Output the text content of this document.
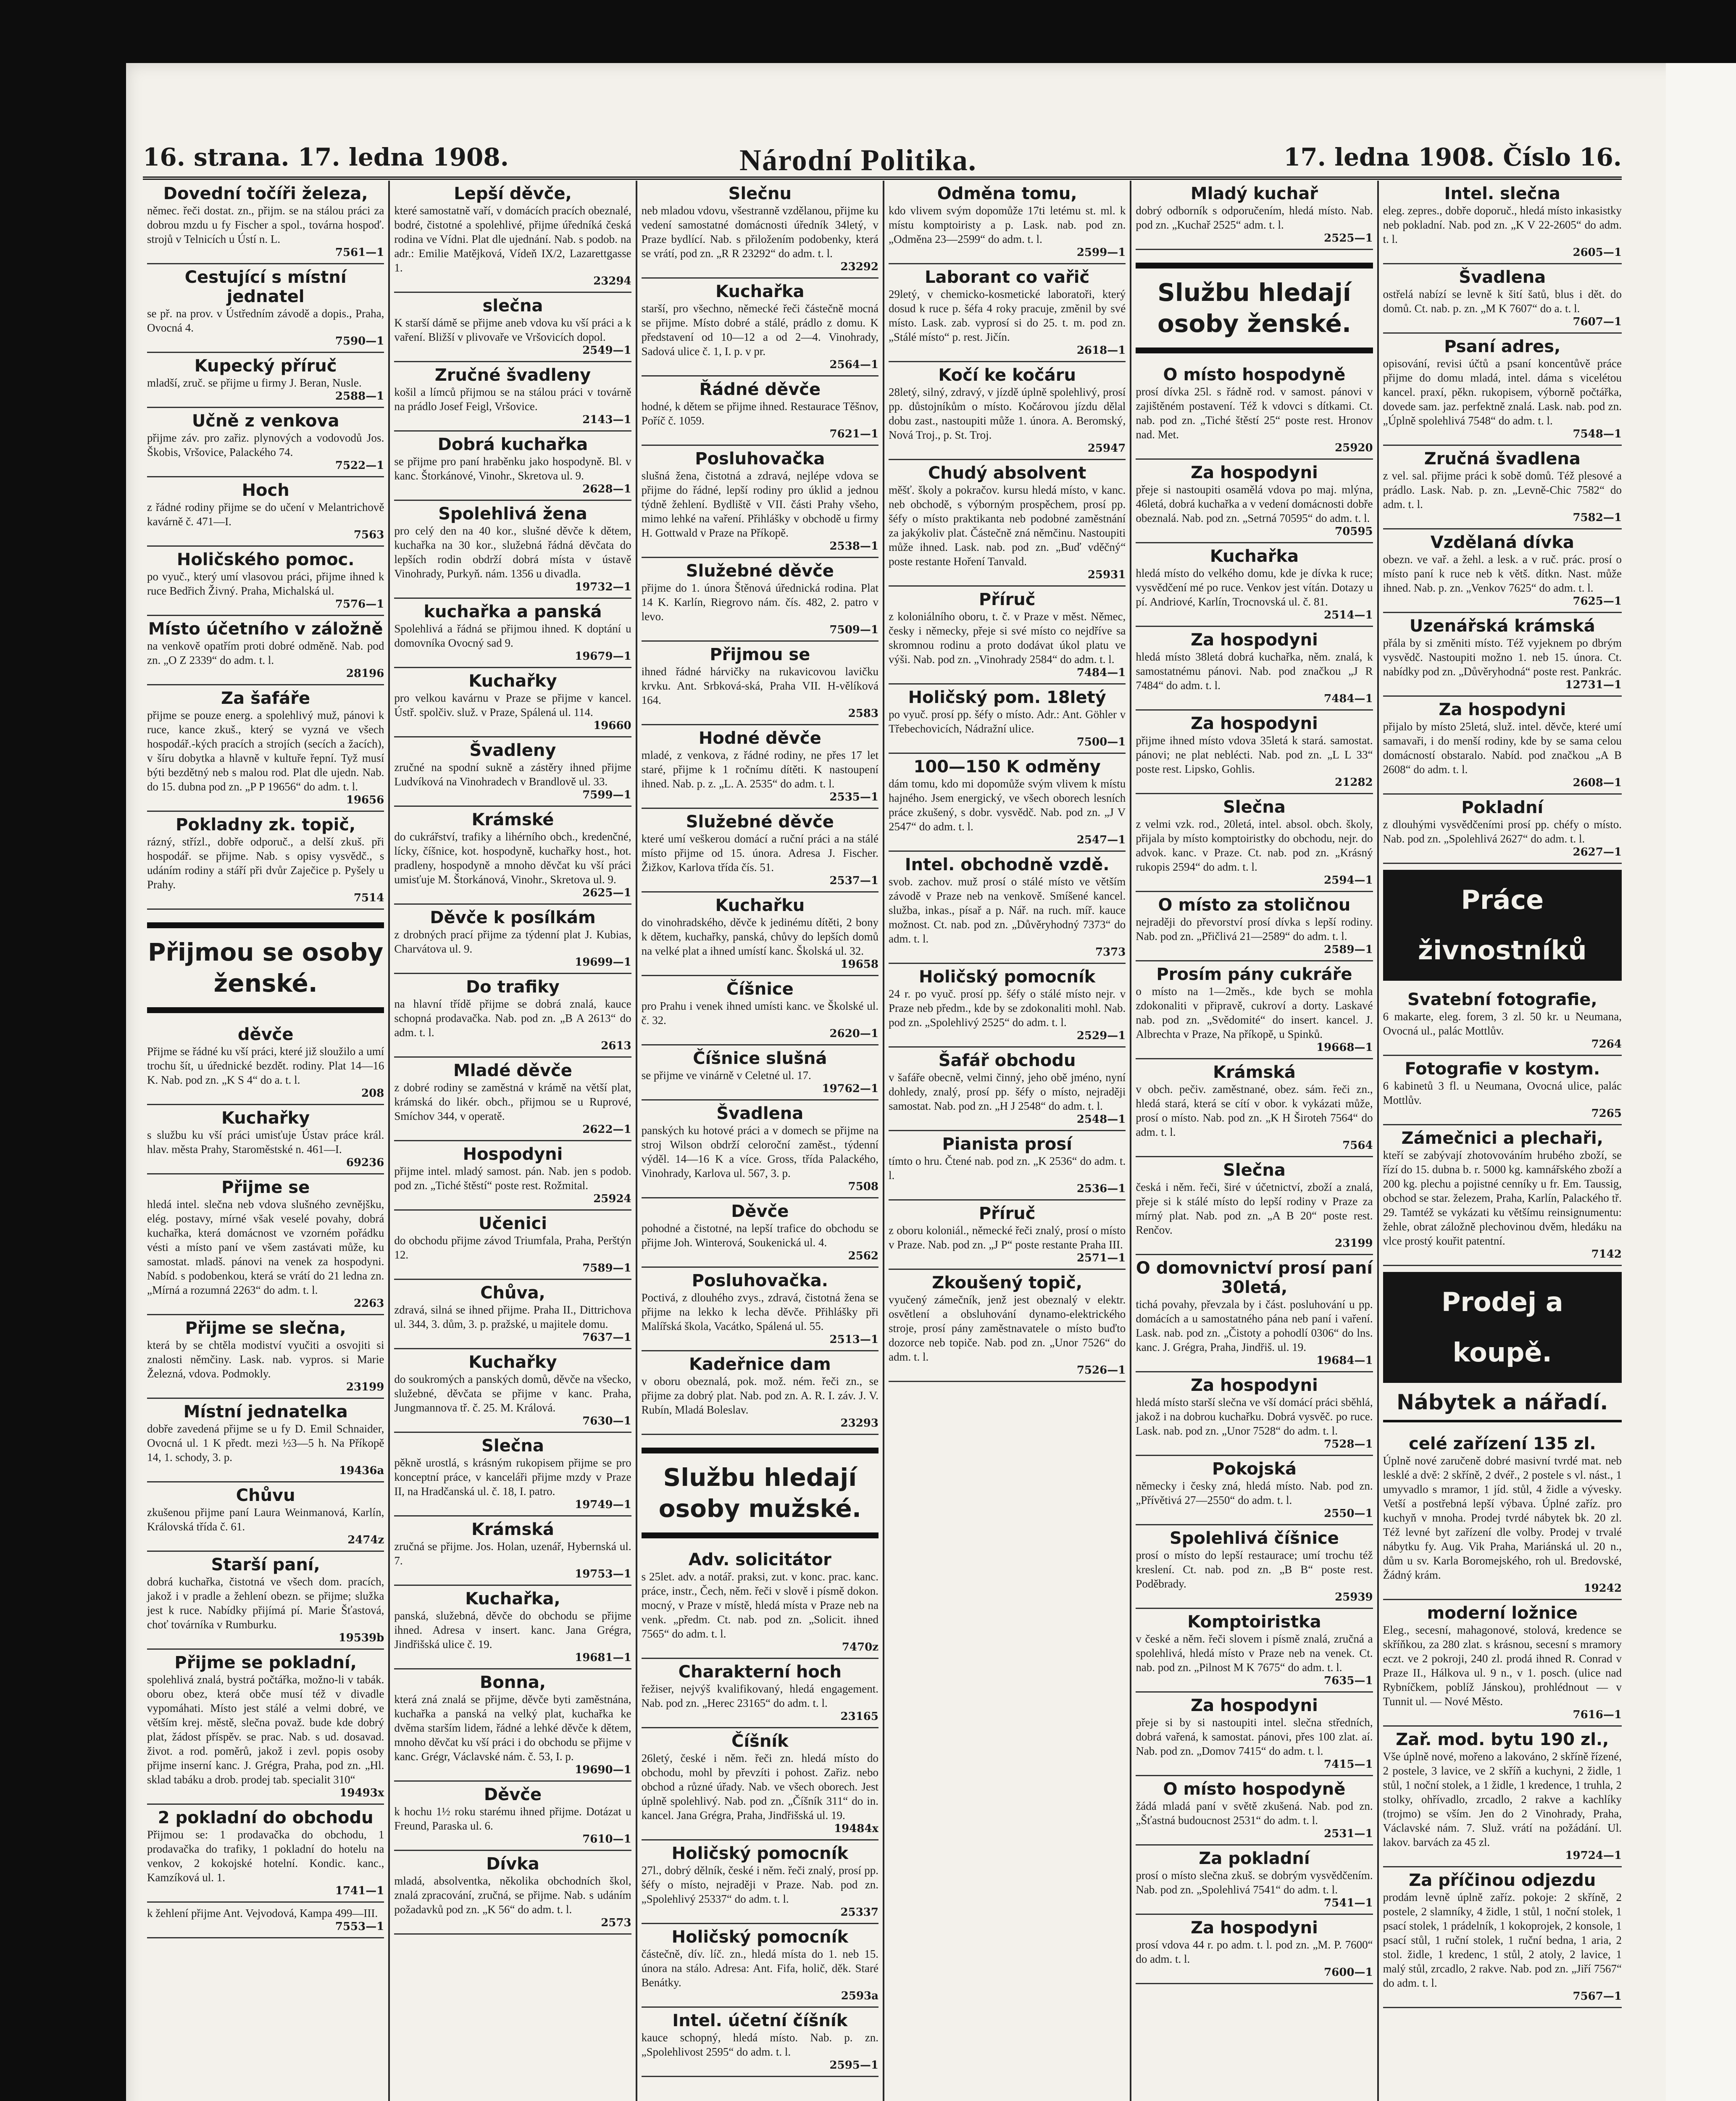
16. strana. 17. ledna 1908.	Národní Politika.	17. ledna 1908. Číslo 16.
Dovední točíři železa,
němec. řeči dostat. zn., přijm. se na stálou práci za dobrou mzdu u fy Fischer a spol., továrna hospoď. strojů v Telnicích u Ústí n. L.
7561—1
Cestující s místní jednatel
se př. na prov. v Ústředním závodě a dopis., Praha, Ovocná 4.
7590—1
Kupecký příruč
mladší, zruč. se přijme u firmy J. Beran, Nusle.
2588—1
Učně z venkova
přijme záv. pro zařiz. plynových a vodovodů Jos. Škobis, Vršovice, Palackého 74.
7522—1
Hoch
z řádné rodiny přijme se do učení v Melantrichově kavárně č. 471—I.
7563
Holičského pomoc.
po vyuč., který umí vlasovou práci, přijme ihned k ruce Bedřich Živný. Praha, Michalská ul.
7576—1
Místo účetního v záložně
na venkově opatřím proti dobré odměně. Nab. pod zn. „O Z 2339“ do adm. t. l.
28196
Za šafáře
přijme se pouze energ. a spolehlivý muž, pánovi k ruce, kance zkuš., který se vyzná ve všech hospodář.-kých pracích a strojích (secích a žacích), v šíru dobytka a hlavně v kultuře řepní. Tyž musí býti bezdětný neb s malou rod. Plat dle ujedn. Nab. do 15. dubna pod zn. „P P 19656“ do adm. t. l.
19656
Pokladny zk. topič,
rázný, střízl., dobře odporuč., a delší zkuš. při hospodář. se přijme. Nab. s opisy vysvědč., s udáním rodiny a stáří při dvůr Zaječice p. Pyšely u Prahy.
7514
Přijmou se osoby ženské.
děvče
Přijme se řádné ku vší práci, které již sloužilo a umí trochu šít, u úřednické bezdět. rodiny. Plat 14—16 K. Nab. pod zn. „K S 4“ do a. t. l.
208
Kuchařky
s službu ku vší práci umisťuje Ústav práce král. hlav. města Prahy, Staroměstské n. 461—I.
69236
Přijme se
hledá intel. slečna neb vdova slušného zevnějšku, elég. postavy, mírné však veselé povahy, dobrá kuchařka, která domácnost ve vzorném pořádku vésti a místo paní ve všem zastávati může, ku samostat. mladš. pánovi na venek za hospodyni. Nabíd. s podobenkou, která se vrátí do 21 ledna zn. „Mírná a rozumná 2263“ do adm. t. l.
2263
Přijme se slečna,
která by se chtěla modiství vyučiti a osvojiti si znalosti němčiny. Lask. nab. vypros. si Marie Železná, vdova. Podmokly.
23199
Místní jednatelka
dobře zavedená přijme se u fy D. Emil Schnaider, Ovocná ul. 1 K předt. mezi ½3—5 h. Na Příkopě 14, 1. schody, 3. p.
19436a
Chůvu
zkušenou přijme paní Laura Weinmanová, Karlín, Královská třída č. 61.
2474z
Starší paní,
dobrá kuchařka, čistotná ve všech dom. pracích, jakož i v pradle a žehlení obezn. se přijme; služka jest k ruce. Nabídky přijímá pí. Marie Šťastová, choť továrníka v Rumburku.
19539b
Přijme se pokladní,
spolehlivá znalá, bystrá počtářka, možno-li v tabák. oboru obez, která obče musí též v divadle vypomáhati. Místo jest stálé a velmi dobré, ve větším krej. městě, slečna považ. bude kde dobrý plat, žádost příspěv. se prac. Nab. s ud. dosavad. život. a rod. poměrů, jakož i zevl. popis osoby přijme inserní kanc. J. Grégra, Praha, pod zn. „Hl. sklad tabáku a drob. prodej tab. specialit 310“
19493x
2 pokladní do obchodu
Přijmou se: 1 prodavačka do obchodu, 1 prodavačka do trafiky, 1 pokladní do hotelu na venkov, 2 kokojské hotelní. Kondic. kanc., Kamzíková ul. 1.
1741—1
k žehlení přijme Ant. Vejvodová, Kampa 499—III.
7553—1
Lepší děvče,
které samostatně vaří, v domácích pracích obeznalé, bodré, čistotné a spolehlivé, přijme úředníká česká rodina ve Vídni. Plat dle ujednání. Nab. s podob. na adr.: Emilie Matějková, Vídeň IX/2, Lazarettgasse 1.
23294
slečna
K starší dámě se přijme aneb vdova ku vší práci a k vaření. Bližší v plivovaře ve Vršovicích dopol.
2549—1
Zručné švadleny
košil a límců přijmou se na stálou práci v továrně na prádlo Josef Feigl, Vršovice.
2143—1
Dobrá kuchařka
se přijme pro paní hraběnku jako hospodyně. Bl. v kanc. Štorkánové, Vinohr., Skretova ul. 9.
2628—1
Spolehlivá žena
pro celý den na 40 kor., slušné děvče k dětem, kuchařka na 30 kor., služebná řádná děvčata do lepších rodin obdrží dobrá místa v ústavě Vinohrady, Purkyň. nám. 1356 u divadla.
19732—1
kuchařka a panská
Spolehlivá a řádná se přijmou ihned. K doptání u domovníka Ovocný sad 9.
19679—1
Kuchařky
pro velkou kavárnu v Praze se přijme v kancel. Ústř. spolčiv. služ. v Praze, Spálená ul. 114.
19660
Švadleny
zručné na spodní sukně a zástěry ihned přijme Ludvíková na Vinohradech v Brandlově ul. 33.
7599—1
Krámské
do cukrářství, trafiky a lihérního obch., kredenčné, lícky, číšnice, kot. hospodyně, kuchařky host., hot. pradleny, hospodyně a mnoho děvčat ku vší práci umisťuje M. Štorkánová, Vinohr., Skretova ul. 9.
2625—1
Děvče k posílkám
z drobných prací přijme za týdenní plat J. Kubias, Charvátova ul. 9.
19699—1
Do trafiky
na hlavní třídě přijme se dobrá znalá, kauce schopná prodavačka. Nab. pod zn. „B A 2613“ do adm. t. l.
2613
Mladé děvče
z dobré rodiny se zaměstná v krámě na větší plat, krámská do likér. obch., přijmou se u Ruprové, Smíchov 344, v operatě.
2622—1
Hospodyni
přijme intel. mladý samost. pán. Nab. jen s podob. pod zn. „Tiché štěstí“ poste rest. Rožmital.
25924
Učenici
do obchodu přijme závod Triumfala, Praha, Perštýn 12.
7589—1
Chůva,
zdravá, silná se ihned přijme. Praha II., Dittrichova ul. 344, 3. dům, 3. p. pražské, u majitele domu.
7637—1
Kuchařky
do soukromých a panských domů, děvče na všecko, služebné, děvčata se přijme v kanc. Praha, Jungmannova tř. č. 25. M. Králová.
7630—1
Slečna
pěkně urostlá, s krásným rukopisem přijme se pro konceptní práce, v kanceláři přijme mzdy v Praze II, na Hradčanská ul. č. 18, I. patro.
19749—1
Krámská
zručná se přijme. Jos. Holan, uzenář, Hybernská ul. 7.
19753—1
Kuchařka,
panská, služebná, děvče do obchodu se přijme ihned. Adresa v insert. kanc. Jana Grégra, Jindřišská ulice č. 19.
19681—1
Bonna,
která zná znalá se přijme, děvče byti zaměstnána, kuchařka a panská na velký plat, kuchařka ke dvěma starším lidem, řádné a lehké děvče k dětem, mnoho děvčat ku vší práci i do obchodu se přijme v kanc. Grégr, Václavské nám. č. 53, I. p.
19690—1
Děvče
k hochu 1½ roku starému ihned přijme. Dotázat u Freund, Paraska ul. 6.
7610—1
Dívka
mladá, absolventka, několika obchodních škol, znalá zpracování, zručná, se přijme. Nab. s udáním požadavků pod zn. „K 56“ do adm. t. l.
2573
Slečnu
neb mladou vdovu, všestranně vzdělanou, přijme ku vedení samostatné domácnosti úředník 34letý, v Praze bydlící. Nab. s přiložením podobenky, která se vrátí, pod zn. „R R 23292“ do adm. t. l.
23292
Kuchařka
starší, pro všechno, německé řeči částečně mocná se přijme. Místo dobré a stálé, prádlo z domu. K představení od 10—12 a od 2—4. Vinohrady, Sadová ulice č. 1, I. p. v pr.
2564—1
Řádné děvče
hodné, k dětem se přijme ihned. Restaurace Těšnov, Poříč č. 1059.
7621—1
Posluhovačka
slušná žena, čistotná a zdravá, nejlépe vdova se přijme do řádné, lepší rodiny pro úklid a jednou týdně žehlení. Bydliště v VII. části Prahy všeho, mimo lehké na vaření. Přihlášky v obchodě u firmy H. Gottwald v Praze na Příkopě.
2538—1
Služebné děvče
přijme do 1. února Štěnová úřednická rodina. Plat 14 K. Karlín, Riegrovo nám. čís. 482, 2. patro v levo.
7509—1
Přijmou se
ihned řádné hárvičky na rukavicovou lavičku krvku. Ant. Srbková-ská, Praha VII. H-vělíková 164.
2583
Hodné děvče
mladé, z venkova, z řádné rodiny, ne přes 17 let staré, přijme k 1 ročnímu dítěti. K nastoupení ihned. Nab. p. z. „L. A. 2535“ do adm. t. l.
2535—1
Služebné děvče
které umí veškerou domácí a ruční práci a na stálé místo přijme od 15. února. Adresa J. Fischer. Žižkov, Karlova třída čís. 51.
2537—1
Kuchařku
do vinohradského, děvče k jedinému dítěti, 2 bony k dětem, kuchařky, panská, chůvy do lepších domů na velké plat a ihned umístí kanc. Školská ul. 32.
19658
Číšnice
pro Prahu i venek ihned umísti kanc. ve Školské ul. č. 32.
2620—1
Číšnice slušná
se přijme ve vinárně v Celetné ul. 17.
19762—1
Švadlena
panských ku hotové práci a v domech se přijme na stroj Wilson obdrží celoroční zaměst., týdenní výděl. 14—16 K a více. Gross, třída Palackého, Vinohrady, Karlova ul. 567, 3. p.
7508
Děvče
pohodné a čistotné, na lepší trafice do obchodu se přijme Joh. Winterová, Soukenická ul. 4.
2562
Posluhovačka.
Poctivá, z dlouhého zvys., zdravá, čistotná žena se přijme na lekko k lecha děvče. Přihlášky při Malířská škola, Vacátko, Spálená ul. 55.
2513—1
Kadeřnice dam
v oboru obeznalá, pok. mož. ném. řeči zn., se přijme za dobrý plat. Nab. pod zn. A. R. I. záv. J. V. Rubín, Mladá Boleslav.
23293
Službu hledají osoby mužské.
Adv. solicitátor
s 25let. adv. a notář. praksi, zut. v konc. prac. kanc. práce, instr., Čech, něm. řeči v slově i písmě dokon. mocný, v Praze v místě, hledá místa v Praze neb na venk. „předm. Ct. nab. pod zn. „Solicit. ihned 7565“ do adm. t. l.
7470z
Charakterní hoch
řežiser, nejvýš kvalifikovaný, hledá engagement. Nab. pod zn. „Herec 23165“ do adm. t. l.
23165
Číšník
26letý, české i něm. řeči zn. hledá místo do obchodu, mohl by převzíti i pohost. Zařiz. nebo obchod a různé úřady. Nab. ve všech oborech. Jest úplně spolehlivý. Nab. pod zn. „Číšník 311“ do in. kancel. Jana Grégra, Praha, Jindřišská ul. 19.
19484x
Holičský pomocník
27l., dobrý dělník, české i něm. řeči znalý, prosí pp. šéfy o místo, nejraději v Praze. Nab. pod zn. „Spolehlivý 25337“ do adm. t. l.
25337
Holičský pomocník
částečně, dív. líč. zn., hledá místa do 1. neb 15. února na stálo. Adresa: Ant. Fifa, holič, děk. Staré Benátky.
2593a
Intel. účetní číšník
kauce schopný, hledá místo. Nab. p. zn. „Spolehlivost 2595“ do adm. t. l.
2595—1
Odměna tomu,
kdo vlivem svým dopomůže 17ti letému st. ml. k místu komptoiristy a p. Lask. nab. pod zn. „Odměna 23—2599“ do adm. t. l.
2599—1
Laborant co vařič
29letý, v chemicko-kosmetické laboratoři, který dosud k ruce p. šéfa 4 roky pracuje, změnil by své místo. Lask. zab. vyprosí si do 25. t. m. pod zn. „Stálé místo“ p. rest. Jičín.
2618—1
Kočí ke kočáru
28letý, silný, zdravý, v jízdě úplně spolehlivý, prosí pp. důstojníkům o místo. Kočárovou jízdu dělal dobu zast., nastoupiti může 1. února. A. Beromský, Nová Troj., p. St. Troj.
25947
Chudý absolvent
měšť. školy a pokračov. kursu hledá místo, v kanc. neb obchodě, s výborným prospěchem, prosí pp. šéfy o místo praktikanta neb podobné zaměstnání za jakýkoliv plat. Částečně zná němčinu. Nastoupiti může ihned. Lask. nab. pod zn. „Buď vděčný“ poste restante Hoření Tanvald.
25931
Příruč
z koloniálního oboru, t. č. v Praze v měst. Němec, česky i německy, přeje si své místo co nejdříve sa skromnou rodinu a proto dodávat úkol platu ve výši. Nab. pod zn. „Vinohrady 2584“ do adm. t. l.
7484—1
Holičský pom. 18letý
po vyuč. prosí pp. šéfy o místo. Adr.: Ant. Göhler v Třebechovicích, Nádražní ulice.
7500—1
100—150 K odměny
dám tomu, kdo mi dopomůže svým vlivem k místu hajného. Jsem energický, ve všech oborech lesních práce zkušený, s dobr. vysvědč. Nab. pod zn. „J V 2547“ do adm. t. l.
2547—1
Intel. obchodně vzdě.
svob. zachov. muž prosí o stálé místo ve větším závodě v Praze neb na venkově. Smíšené kancel. služba, inkas., písař a p. Nář. na ruch. míř. kauce možnost. Ct. nab. pod zn. „Důvěryhodný 7373“ do adm. t. l.
7373
Holičský pomocník
24 r. po vyuč. prosí pp. šéfy o stálé místo nejr. v Praze neb předm., kde by se zdokonaliti mohl. Nab. pod zn. „Spolehlivý 2525“ do adm. t. l.
2529—1
Šafář obchodu
v šafáře obecně, velmi činný, jeho obě jméno, nyní dohledy, znalý, prosí pp. šéfy o místo, nejraději samostat. Nab. pod zn. „H J 2548“ do adm. t. l.
2548—1
Pianista prosí
tímto o hru. Čtené nab. pod zn. „K 2536“ do adm. t. l.
2536—1
Příruč
z oboru koloniál., německé řeči znalý, prosí o místo v Praze. Nab. pod zn. „J P“ poste restante Praha III.
2571—1
Zkoušený topič,
vyučený zámečník, jenž jest obeznalý v elektr. osvětlení a obsluhování dynamo-elektrického stroje, prosí pány zaměstnavatele o místo buďto dozorce neb topiče. Nab. pod zn. „Unor 7526“ do adm. t. l.
7526—1
Mladý kuchař
dobrý odborník s odporučením, hledá místo. Nab. pod zn. „Kuchař 2525“ adm. t. l.
2525—1
Službu hledají osoby ženské.
O místo hospodyně
prosí dívka 25l. s řádně rod. v samost. pánovi v zajištěném postavení. Též k vdovci s dítkami. Ct. nab. pod zn. „Tiché štěstí 25“ poste rest. Hronov nad. Met.
25920
Za hospodyni
přeje si nastoupiti osamělá vdova po maj. mlýna, 46letá, dobrá kuchařka a v vedení domácnosti dobře obeznalá. Nab. pod zn. „Setrná 70595“ do adm. t. l.
70595
Kuchařka
hledá místo do velkého domu, kde je dívka k ruce; vysvědčení mé po ruce. Venkov jest vítán. Dotazy u pí. Andriové, Karlín, Trocnovská ul. č. 81.
2514—1
Za hospodyni
hledá místo 38letá dobrá kuchařka, něm. znalá, k samostatnému pánovi. Nab. pod značkou „J R 7484“ do adm. t. l.
7484—1
Za hospodyni
přijme ihned místo vdova 35letá k stará. samostat. pánovi; ne plat neblécti. Nab. pod zn. „L L 33“ poste rest. Lipsko, Gohlis.
21282
Slečna
z velmi vzk. rod., 20letá, intel. absol. obch. školy, přijala by místo komptoiristky do obchodu, nejr. do advok. kanc. v Praze. Ct. nab. pod zn. „Krásný rukopis 2594“ do adm. t. l.
2594—1
O místo za stoličnou
nejraději do převorství prosí dívka s lepší rodiny. Nab. pod zn. „Přičlivá 21—2589“ do adm. t. l.
2589—1
Prosím pány cukráře
o místo na 1—2měs., kde bych se mohla zdokonaliti v připravě, cukroví a dorty. Laskavé nab. pod zn. „Svědomité“ do insert. kancel. J. Albrechta v Praze, Na příkopě, u Spinků.
19668—1
Krámská
v obch. pečiv. zaměstnané, obez. sám. řeči zn., hledá stará, která se cítí v obor. k vykázati může, prosí o místo. Nab. pod zn. „K H Široteh 7564“ do adm. t. l.
7564
Slečna
česká i něm. řeči, širé v účetnictví, zboží a znalá, přeje si k stálé místo do lepší rodiny v Praze za mírný plat. Nab. pod zn. „A B 20“ poste rest. Renčov.
23199
O domovnictví prosí paní 30letá,
tichá povahy, převzala by i část. posluhování u pp. domácích a u samostatného pána neb paní i vaření. Lask. nab. pod zn. „Čistoty a pohodlí 0306“ do lns. kanc. J. Grégra, Praha, Jindřiš. ul. 19.
19684—1
Za hospodyni
hledá místo starší slečna ve vší domácí práci sběhlá, jakož i na dobrou kuchařku. Dobrá vysvěč. po ruce. Lask. nab. pod zn. „Unor 7528“ do adm. t. l.
7528—1
Pokojská
německy i česky zná, hledá místo. Nab. pod zn. „Přívětivá 27—2550“ do adm. t. l.
2550—1
Spolehlivá číšnice
prosí o místo do lepší restaurace; umí trochu též kreslení. Ct. nab. pod zn. „B B“ poste rest. Poděbrady.
25939
Komptoiristka
v české a něm. řeči slovem i písmě znalá, zručná a spolehlivá, hledá místo v Praze neb na venek. Ct. nab. pod zn. „Pilnost M K 7675“ do adm. t. l.
7635—1
Za hospodyni
přeje si by si nastoupiti intel. slečna středních, dobrá vařená, k samostat. pánovi, přes 100 zlat. aí. Nab. pod zn. „Domov 7415“ do adm. t. l.
7415—1
O místo hospodyně
žádá mladá paní v světě zkušená. Nab. pod zn. „Šťastná budoucnost 2531“ do adm. t. l.
2531—1
Za pokladní
prosí o místo slečna zkuš. se dobrým vysvědčením. Nab. pod zn. „Spolehlivá 7541“ do adm. t. l.
7541—1
Za hospodyni
prosí vdova 44 r. po adm. t. l. pod zn. „M. P. 7600“ do adm. t. l.
7600—1
Intel. slečna
eleg. zepres., dobře doporuč., hledá místo inkasistky neb pokladní. Nab. pod zn. „K V 22-2605“ do adm. t. l.
2605—1
Švadlena
ostřelá nabízí se levně k šití šatů, blus i dět. do domů. Ct. nab. p. zn. „M K 7607“ do a. t. l.
7607—1
Psaní adres,
opisování, revisi účtů a psaní koncentůvě práce přijme do domu mladá, intel. dáma s vicelétou kancel. praxí, pěkn. rukopisem, výborně počtářka, dovede sam. jaz. perfektně znalá. Lask. nab. pod zn. „Úplně spolehlivá 7548“ do adm. t. l.
7548—1
Zručná švadlena
z vel. sal. přijme práci k sobě domů. Též plesové a prádlo. Lask. Nab. p. zn. „Levně-Chic 7582“ do adm. t. l.
7582—1
Vzdělaná dívka
obezn. ve vař. a žehl. a lesk. a v ruč. prác. prosí o místo paní k ruce neb k větš. dítkn. Nast. může ihned. Nab. p. zn. „Venkov 7625“ do adm. t. l.
7625—1
Uzenářská krámská
přála by si změniti místo. Též vyjeknem po dbrým vysvědč. Nastoupiti možno 1. neb 15. února. Ct. nabídky pod zn. „Důvěryhodná“ poste rest. Pankrác.
12731—1
Za hospodyni
přijalo by místo 25letá, služ. intel. děvče, které umí samavaři, i do menší rodiny, kde by se sama celou domácností obstaralo. Nabíd. pod značkou „A B 2608“ do adm. t. l.
2608—1
Pokladní
z dlouhými vysvědčeními prosí pp. chéfy o místo. Nab. pod zn. „Spolehlivá 2627“ do adm. t. l.
2627—1
Práce živnostníků
Svatební fotografie,
6 makarte, eleg. forem, 3 zl. 50 kr. u Neumana, Ovocná ul., palác Mottlův.
7264
Fotografie v kostym.
6 kabinetů 3 fl. u Neumana, Ovocná ulice, palác Mottlův.
7265
Zámečnici a plechaři,
kteří se zabývají zhotovováním hrubého zboží, se řízí do 15. dubna b. r. 5000 kg. kamnářského zboží a 200 kg. plechu a pojistné cenníky u fr. Em. Taussig, obchod se star. železem, Praha, Karlín, Palackého tř. 29. Tamtéž se vykázati ku většímu reinsignumentu: žehle, obrat záložně plechovinou dvěm, hledáku na vlce prostý kouřit patentní.
7142
Prodej a koupě.
Nábytek a nářadí.
celé zařízení 135 zl.
Úplně nové zaručeně dobré masivní tvrdé mat. neb lesklé a dvě: 2 skříně, 2 dvéř., 2 postele s vl. nást., 1 umyvadlo s mramor, 1 jíd. stůl, 4 židle a vývesky. Vetší a postřebná lepší výbava. Úplné zaříz. pro kuchyň v mnoha. Prodej tvrdé nábytek bk. 20 zl. Též levné byt zařízení dle volby. Prodej v trvalé nábytku fy. Aug. Vik Praha, Mariánská ul. 20 n., dům u sv. Karla Boromejského, roh ul. Bredovské, Žádný krám.
19242
moderní ložnice
Eleg., secesní, mahagonové, stolová, kredence se skříňkou, za 280 zlat. s krásnou, secesní s mramory eczt. ve 2 pokroji, 240 zl. prodá ihned R. Conrad v Praze II., Hálkova ul. 9 n., v 1. posch. (ulice nad Rybníčkem, poblíž Jánskou), prohlédnout — v Tunnit ul. — Nové Město.
7616—1
Zař. mod. bytu 190 zl.,
Vše úplně nové, mořeno a lakováno, 2 skříně řízené, 2 postele, 3 lavice, ve 2 skříň a kuchyni, 2 židle, 1 stůl, 1 noční stolek, a 1 židle, 1 kredence, 1 truhla, 2 stolky, ohřívadlo, zrcadlo, 2 rakve a kachlíky (trojmo) se vším. Jen do 2 Vinohrady, Praha, Václavské nám. 7. Služ. vrátí na požádání. Ul. lakov. barvách za 45 zl.
19724—1
Za příčinou odjezdu
prodám levně úplně zaříz. pokoje: 2 skříně, 2 postele, 2 slamníky, 4 židle, 1 stůl, 1 noční stolek, 1 psací stolek, 1 prádelník, 1 kokoprojek, 2 konsole, 1 psací stůl, 1 ruční stolek, 1 ruční bedna, 1 aria, 2 stol. židle, 1 kredenc, 1 stůl, 2 atoly, 2 lavice, 1 malý stůl, zrcadlo, 2 rakve. Nab. pod zn. „Jiří 7567“ do adm. t. l.
7567—1
